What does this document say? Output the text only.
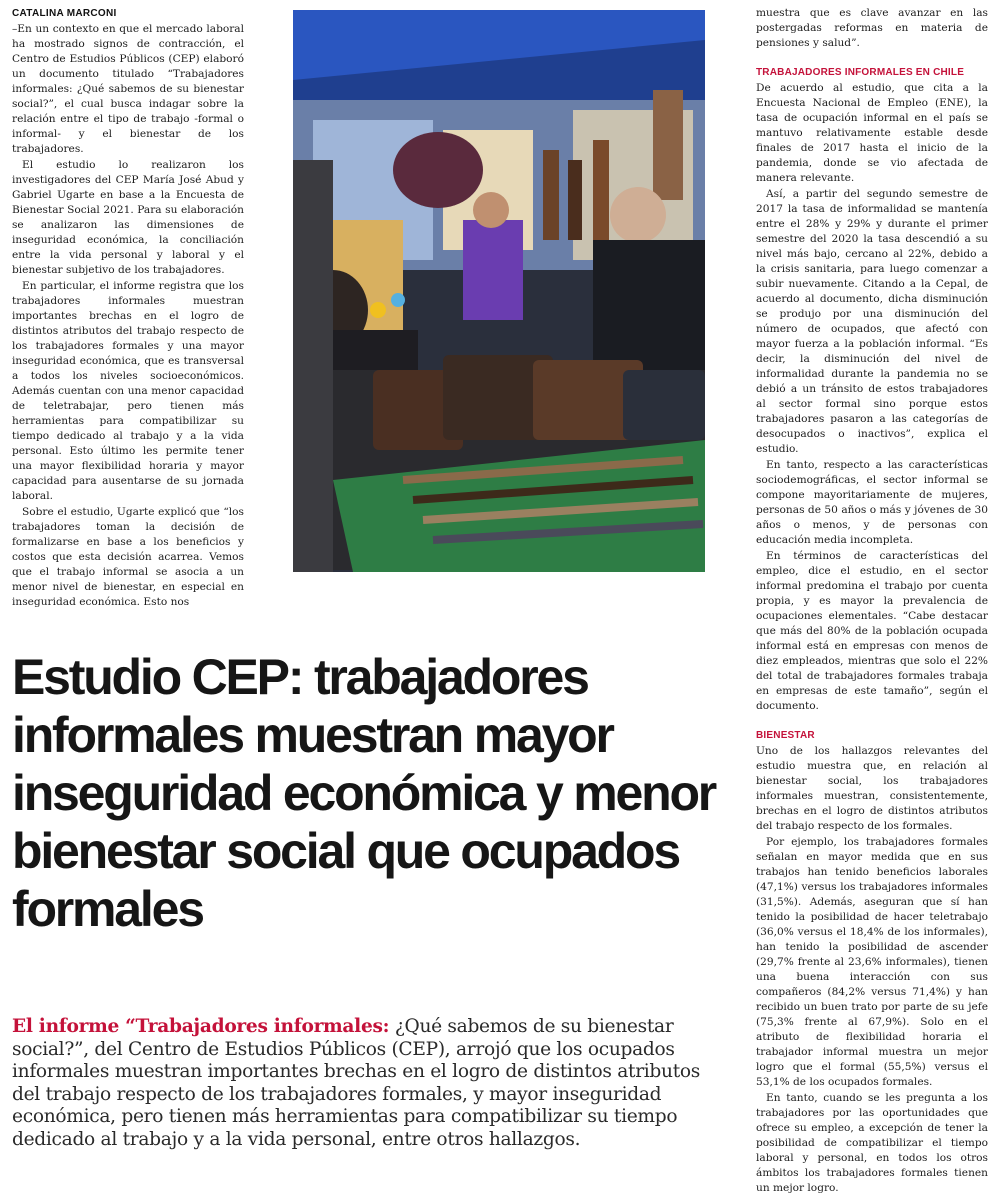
CATALINA MARCONI

–En un contexto en que el mercado laboral ha mostrado signos de contracción, el Centro de Estudios Públicos (CEP) elaboró un documento titulado “Trabajadores informales: ¿Qué sabemos de su bienestar social?”, el cual busca indagar sobre la relación entre el tipo de trabajo -formal o informal- y el bienestar de los trabajadores.

El estudio lo realizaron los investigadores del CEP María José Abud y Gabriel Ugarte en base a la Encuesta de Bienestar Social 2021. Para su elaboración se analizaron las dimensiones de inseguridad económica, la conciliación entre la vida personal y laboral y el bienestar subjetivo de los trabajadores.

En particular, el informe registra que los trabajadores informales muestran importantes brechas en el logro de distintos atributos del trabajo respecto de los trabajadores formales y una mayor inseguridad económica, que es transversal a todos los niveles socioeconómicos. Además cuentan con una menor capacidad de teletrabajar, pero tienen más herramientas para compatibilizar su tiempo dedicado al trabajo y a la vida personal. Esto último les permite tener una mayor flexibilidad horaria y mayor capacidad para ausentarse de su jornada laboral.

Sobre el estudio, Ugarte explicó que “los trabajadores toman la decisión de formalizarse en base a los beneficios y costos que esta decisión acarrea. Vemos que el trabajo informal se asocia a un menor nivel de bienestar, en especial en inseguridad económica. Esto nos

muestra que es clave avanzar en las postergadas reformas en materia de pensiones y salud”.

TRABAJADORES INFORMALES EN CHILE

De acuerdo al estudio, que cita a la Encuesta Nacional de Empleo (ENE), la tasa de ocupación informal en el país se mantuvo relativamente estable desde finales de 2017 hasta el inicio de la pandemia, donde se vio afectada de manera relevante.

Así, a partir del segundo semestre de 2017 la tasa de informalidad se mantenía entre el 28% y 29% y durante el primer semestre del 2020 la tasa descendió a su nivel más bajo, cercano al 22%, debido a la crisis sanitaria, para luego comenzar a subir nuevamente. Citando a la Cepal, de acuerdo al documento, dicha disminución se produjo por una disminución del número de ocupados, que afectó con mayor fuerza a la población informal. “Es decir, la disminución del nivel de informalidad durante la pandemia no se debió a un tránsito de estos trabajadores al sector formal sino porque estos trabajadores pasaron a las categorías de desocupados o inactivos”, explica el estudio.

En tanto, respecto a las características sociodemográficas, el sector informal se compone mayoritariamente de mujeres, personas de 50 años o más y jóvenes de 30 años o menos, y de personas con educación media incompleta.

En términos de características del empleo, dice el estudio, en el sector informal predomina el trabajo por cuenta propia, y es mayor la prevalencia de ocupaciones elementales. “Cabe destacar que más del 80% de la población ocupada informal está en empresas con menos de diez empleados, mientras que solo el 22% del total de trabajadores formales trabaja en empresas de este tamaño”, según el documento.

BIENESTAR

Uno de los hallazgos relevantes del estudio muestra que, en relación al bienestar social, los trabajadores informales muestran, consistentemente, brechas en el logro de distintos atributos del trabajo respecto de los formales.

Por ejemplo, los trabajadores formales señalan en mayor medida que en sus trabajos han tenido beneficios laborales (47,1%) versus los trabajadores informales (31,5%). Además, aseguran que sí han tenido la posibilidad de hacer teletrabajo (36,0% versus el 18,4% de los informales), han tenido la posibilidad de ascender (29,7% frente al 23,6% informales), tienen una buena interacción con sus compañeros (84,2% versus 71,4%) y han recibido un buen trato por parte de su jefe (75,3% frente al 67,9%). Solo en el atributo de flexibilidad horaria el trabajador informal muestra un mejor logro que el formal (55,5%) versus el 53,1% de los ocupados formales.

En tanto, cuando se les pregunta a los trabajadores por las oportunidades que ofrece su empleo, a excepción de tener la posibilidad de compatibilizar el tiempo laboral y personal, en todos los otros ámbitos los trabajadores formales tienen un mejor logro.

Estudio CEP: trabajadores informales muestran mayor inseguridad económica y menor bienestar social que ocupados formales

El informe “Trabajadores informales: ¿Qué sabemos de su bienestar social?”, del Centro de Estudios Públicos (CEP), arrojó que los ocupados informales muestran importantes brechas en el logro de distintos atributos del trabajo respecto de los trabajadores formales, y mayor inseguridad económica, pero tienen más herramientas para compatibilizar su tiempo dedicado al trabajo y a la vida personal, entre otros hallazgos.
